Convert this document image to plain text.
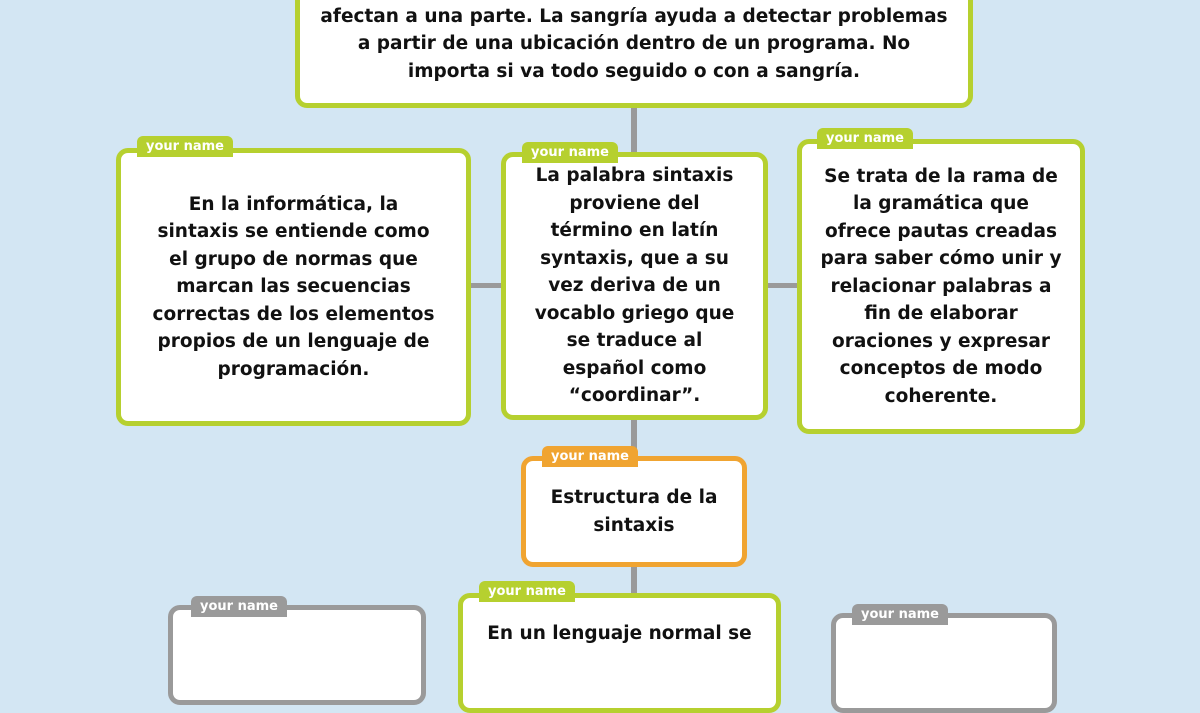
afectan a una parte. La sangría ayuda a detectar problemas
a partir de una ubicación dentro de un programa. No
importa si va todo seguido o con a sangría.
En la informática, la sintaxis se entiende como el grupo de normas que marcan las secuencias correctas de los elementos propios de un lenguaje de programación.
your name
La palabra sintaxis proviene del término en latín syntaxis, que a su vez deriva de un vocablo griego que se traduce al español como “coordinar”.
your name
Se trata de la rama de la gramática que ofrece pautas creadas para saber cómo unir y relacionar palabras a fin de elaborar oraciones y expresar conceptos de modo coherente.
your name
Estructura de la sintaxis
your name
En un lenguaje normal se
your name
your name
your name
